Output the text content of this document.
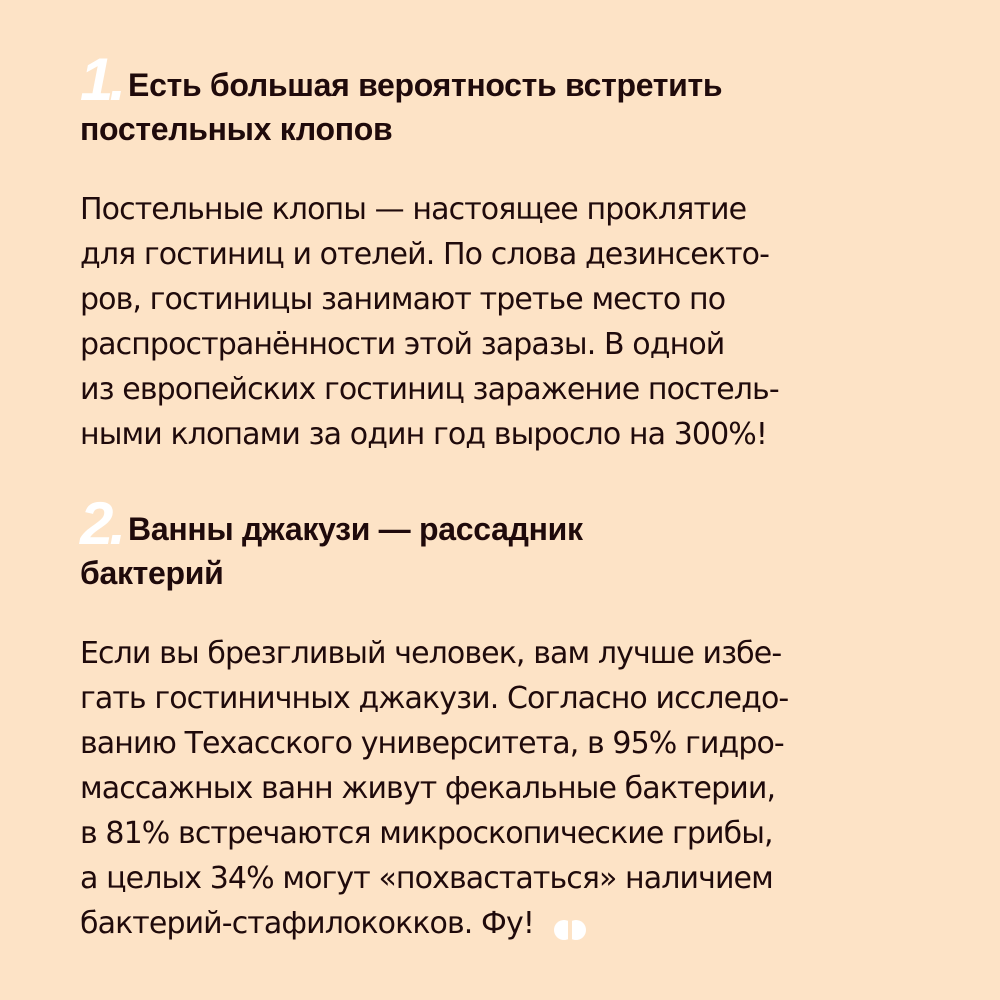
1. Есть большая вероятность встретить
постельных клопов

Постельные клопы — настоящее проклятие
для гостиниц и отелей. По слова дезинсекто-
ров, гостиницы занимают третье место по
распространённости этой заразы. В одной
из европейских гостиниц заражение постель-
ными клопами за один год выросло на 300%!

2. Ванны джакузи — рассадник
бактерий

Если вы брезгливый человек, вам лучше избе-
гать гостиничных джакузи. Согласно исследо-
ванию Техасского университета, в 95% гидро-
массажных ванн живут фекальные бактерии,
в 81% встречаются микроскопические грибы,
а целых 34% могут «похвастаться» наличием
бактерий-стафилококков. Фу!
